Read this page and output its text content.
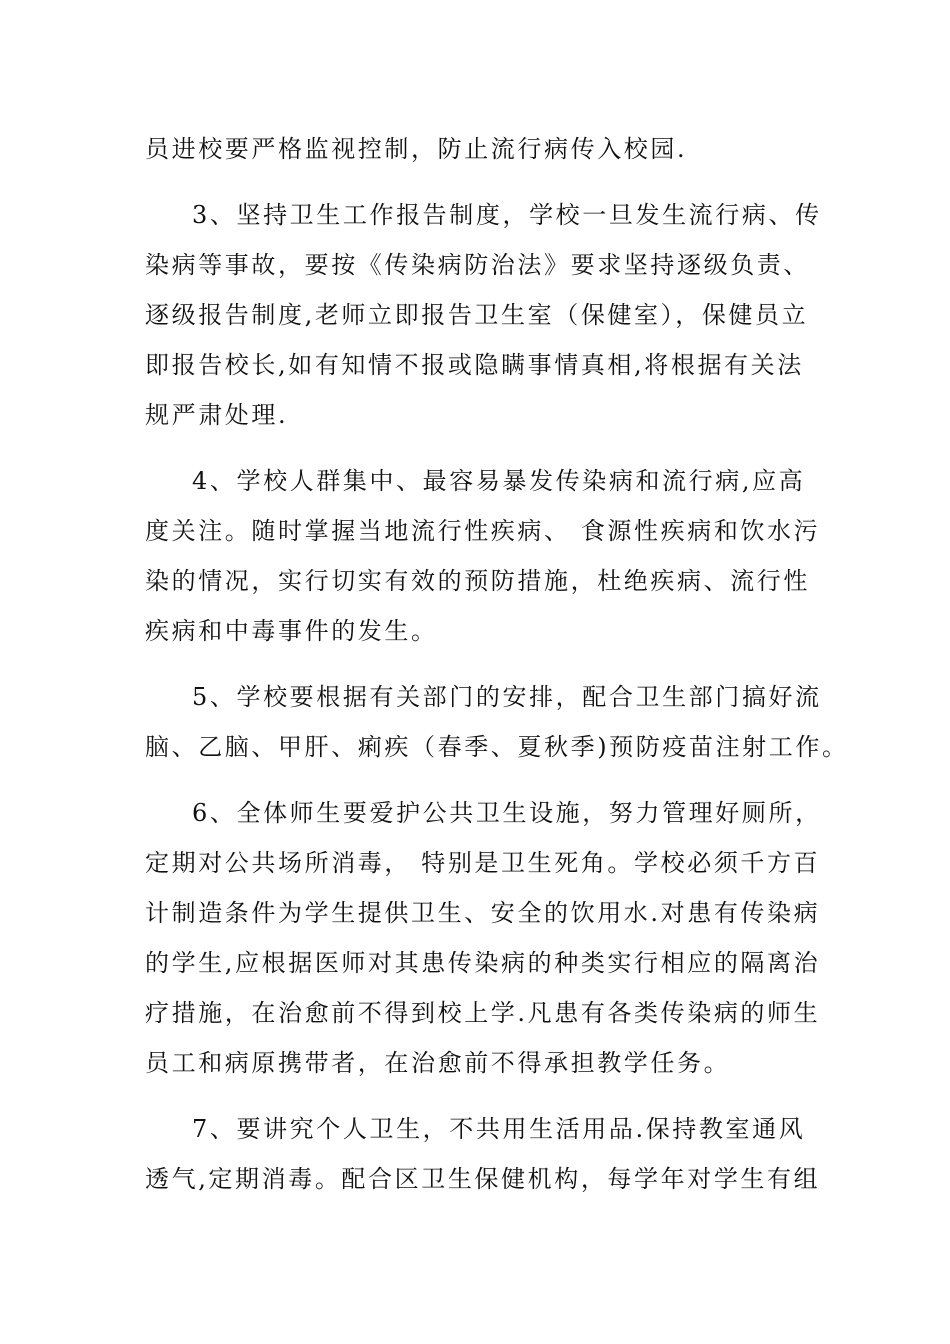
员进校要严格监视控制，防止流行病传入校园.
3、坚持卫生工作报告制度，学校一旦发生流行病、传
染病等事故，要按《传染病防治法》要求坚持逐级负责、
逐级报告制度,老师立即报告卫生室（保健室），保健员立
即报告校长,如有知情不报或隐瞒事情真相,将根据有关法
规严肃处理.
4、学校人群集中、最容易暴发传染病和流行病,应高
度关注。随时掌握当地流行性疾病、 食源性疾病和饮水污
染的情况，实行切实有效的预防措施，杜绝疾病、流行性
疾病和中毒事件的发生。
5、学校要根据有关部门的安排，配合卫生部门搞好流
脑、乙脑、甲肝、痢疾（春季、夏秋季)预防疫苗注射工作。
6、全体师生要爱护公共卫生设施，努力管理好厕所，
定期对公共场所消毒， 特别是卫生死角。学校必须千方百
计制造条件为学生提供卫生、安全的饮用水.对患有传染病
的学生,应根据医师对其患传染病的种类实行相应的隔离治
疗措施，在治愈前不得到校上学.凡患有各类传染病的师生
员工和病原携带者，在治愈前不得承担教学任务。
7、要讲究个人卫生，不共用生活用品.保持教室通风
透气,定期消毒。配合区卫生保健机构，每学年对学生有组
